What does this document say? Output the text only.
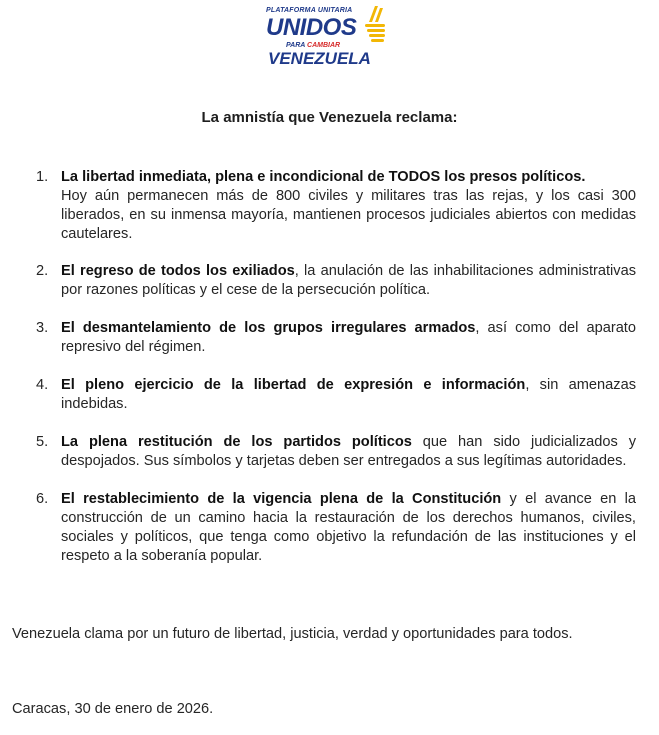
PLATAFORMA UNITARIA
UNIDOS
PARA CAMBIAR
VENEZUELA
La amnistía que Venezuela reclama:
1. La libertad inmediata, plena e incondicional de TODOS los presos políticos.
Hoy aún permanecen más de 800 civiles y militares tras las rejas, y los casi 300 liberados, en su inmensa mayoría, mantienen procesos judiciales abiertos con medidas cautelares.
2. El regreso de todos los exiliados, la anulación de las inhabilitaciones administrativas por razones políticas y el cese de la persecución política.
3. El desmantelamiento de los grupos irregulares armados, así como del aparato represivo del régimen.
4. El pleno ejercicio de la libertad de expresión e información, sin amenazas indebidas.
5. La plena restitución de los partidos políticos que han sido judicializados y despojados. Sus símbolos y tarjetas deben ser entregados a sus legítimas autoridades.
6. El restablecimiento de la vigencia plena de la Constitución y el avance en la construcción de un camino hacia la restauración de los derechos humanos, civiles, sociales y políticos, que tenga como objetivo la refundación de las instituciones y el respeto a la soberanía popular.

Venezuela clama por un futuro de libertad, justicia, verdad y oportunidades para todos.

Caracas, 30 de enero de 2026.
